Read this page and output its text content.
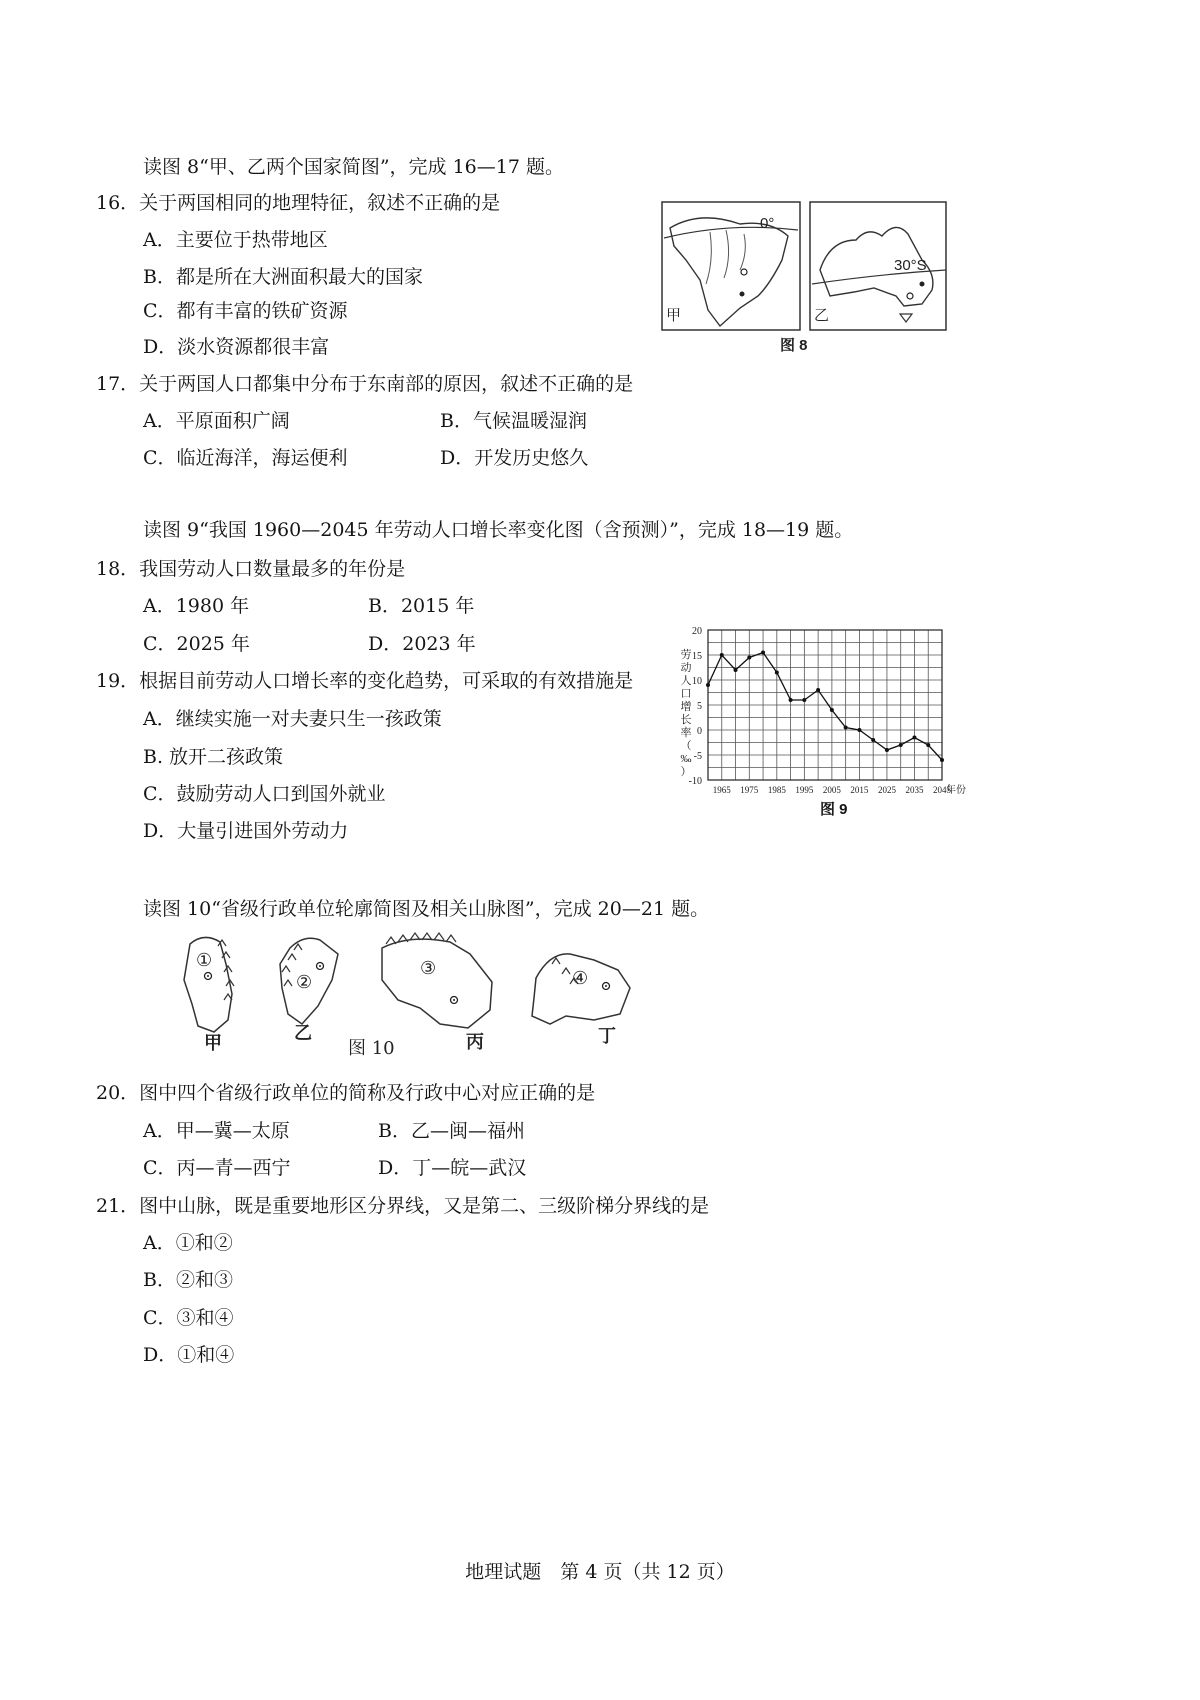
读图 8“甲、乙两个国家简图”，完成 16—17 题。
16．关于两国相同的地理特征，叙述不正确的是
A．主要位于热带地区
B．都是所在大洲面积最大的国家
C．都有丰富的铁矿资源
D．淡水资源都很丰富
17．关于两国人口都集中分布于东南部的原因，叙述不正确的是
A．平原面积广阔	B．气候温暖湿润
C．临近海洋，海运便利	D．开发历史悠久
0°
甲
30°S
乙
图 8
读图 9“我国 1960—2045 年劳动人口增长率变化图（含预测）”，完成 18—19 题。
18．我国劳动人口数量最多的年份是
A．1980 年	B．2015 年
C．2025 年	D．2023 年
19．根据目前劳动人口增长率的变化趋势，可采取的有效措施是
A．继续实施一对夫妻只生一孩政策
B. 放开二孩政策
C．鼓励劳动人口到国外就业
D．大量引进国外劳动力
20
15
10
5
0
-5
-10
1965 1975 1985 1995 2005 2015 2025 2035 2045
年份
劳
动
人
口
增
长
率
（
‰
）
图 9
读图 10“省级行政单位轮廓简图及相关山脉图”，完成 20—21 题。
①
甲
②
乙
③
丙
④
丁
图 10
20．图中四个省级行政单位的简称及行政中心对应正确的是
A．甲—冀—太原	B．乙—闽—福州
C．丙—青—西宁	D．丁—皖—武汉
21．图中山脉，既是重要地形区分界线，又是第二、三级阶梯分界线的是
A．①和②
B．②和③
C．③和④
D．①和④
地理试题　第 4 页（共 12 页）
